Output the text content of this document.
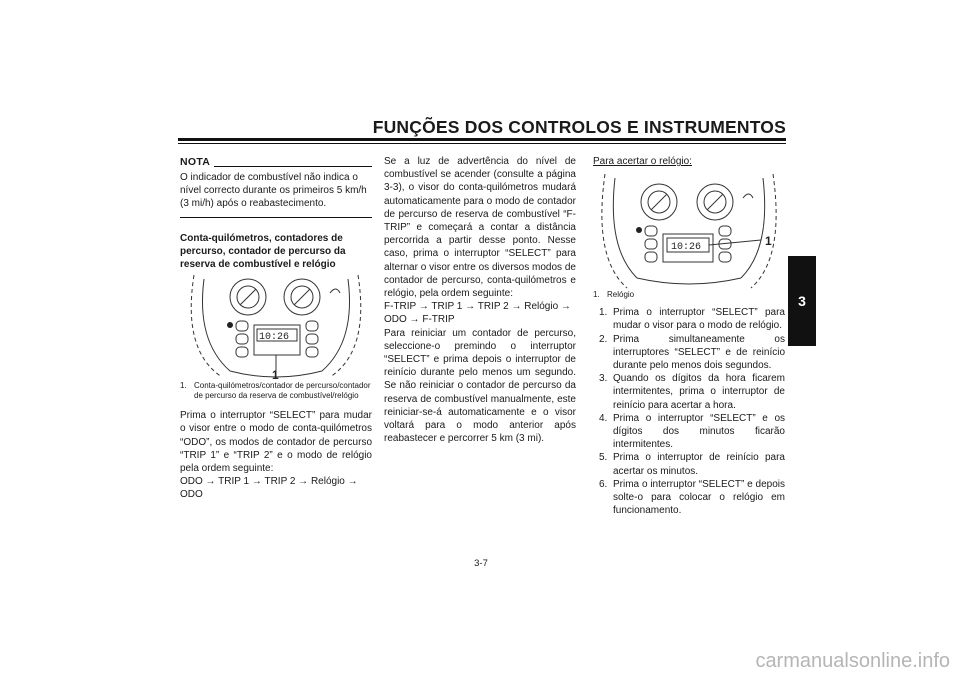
FUNÇÕES DOS CONTROLOS E INSTRUMENTOS
3
NOTA

O indicador de combustível não indica o nível correcto durante os primeiros 5 km/h (3 mi/h) após o reabastecimento.

Conta-quilómetros, contadores de percurso, contador de percurso da reserva de combustível e relógio

10:26
1
1. Conta-quilómetros/contador de percurso/contador de percurso da reserva de combustível/relógio

Prima o interruptor “SELECT” para mudar o visor entre o modo de conta-quilómetros “ODO”, os modos de contador de percurso “TRIP 1” e “TRIP 2” e o modo de relógio pela ordem seguinte:

ODO → TRIP 1 → TRIP 2 → Relógio → ODO

Se a luz de advertência do nível de combustível se acender (consulte a página 3-3), o visor do conta-quilómetros mudará automaticamente para o modo de contador de percurso de reserva de combustível “F-TRIP” e começará a contar a distância percorrida a partir desse ponto. Nesse caso, prima o interruptor “SELECT” para alternar o visor entre os diversos modos de contador de percurso, conta-quilómetros e relógio, pela ordem seguinte:

F-TRIP → TRIP 1 → TRIP 2 → Relógio → ODO → F-TRIP

Para reiniciar um contador de percurso, seleccione-o premindo o interruptor “SELECT” e prima depois o interruptor de reinício durante pelo menos um segundo. Se não reiniciar o contador de percurso da reserva de combustível manualmente, este reiniciar-se-á automaticamente e o visor voltará para o modo anterior após reabastecer e percorrer 5 km (3 mi).

Para acertar o relógio:

10:26	1
1. Relógio
1. Prima o interruptor “SELECT” para mudar o visor para o modo de relógio.
2. Prima simultaneamente os interruptores “SELECT” e de reinício durante pelo menos dois segundos.
3. Quando os dígitos da hora ficarem intermitentes, prima o interruptor de reinício para acertar a hora.
4. Prima o interruptor “SELECT” e os dígitos dos minutos ficarão intermitentes.
5. Prima o interruptor de reinício para acertar os minutos.
6. Prima o interruptor “SELECT” e depois solte-o para colocar o relógio em funcionamento.
3-7
carmanualsonline.info
